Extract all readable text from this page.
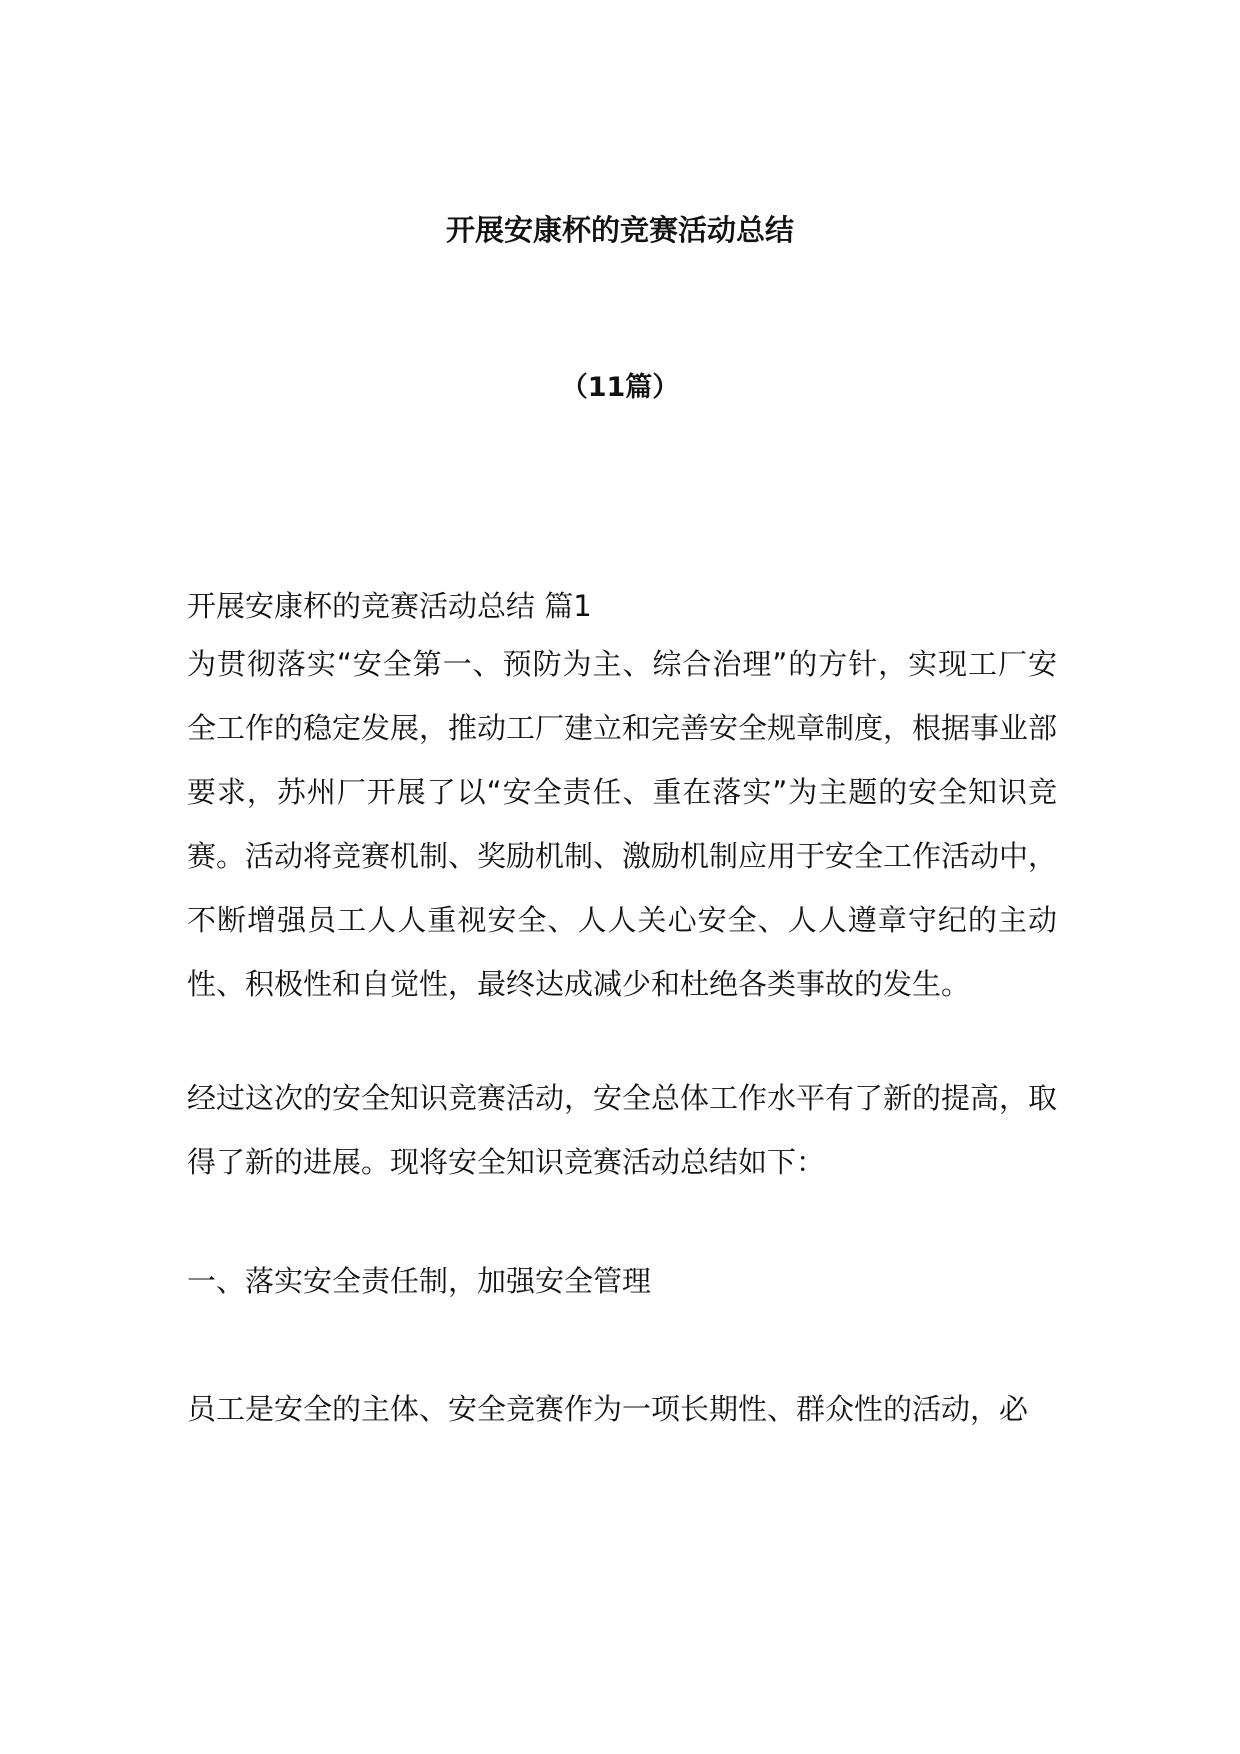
开展安康杯的竞赛活动总结
（11篇）
开展安康杯的竞赛活动总结 篇1

为贯彻落实“安全第一、预防为主、综合治理”的方针，实现工厂安全工作的稳定发展，推动工厂建立和完善安全规章制度，根据事业部要求，苏州厂开展了以“安全责任、重在落实”为主题的安全知识竞赛。活动将竞赛机制、奖励机制、激励机制应用于安全工作活动中，不断增强员工人人重视安全、人人关心安全、人人遵章守纪的主动性、积极性和自觉性，最终达成减少和杜绝各类事故的发生。

经过这次的安全知识竞赛活动，安全总体工作水平有了新的提高，取得了新的进展。现将安全知识竞赛活动总结如下：

一、落实安全责任制，加强安全管理

员工是安全的主体、安全竞赛作为一项长期性、群众性的活动，必
